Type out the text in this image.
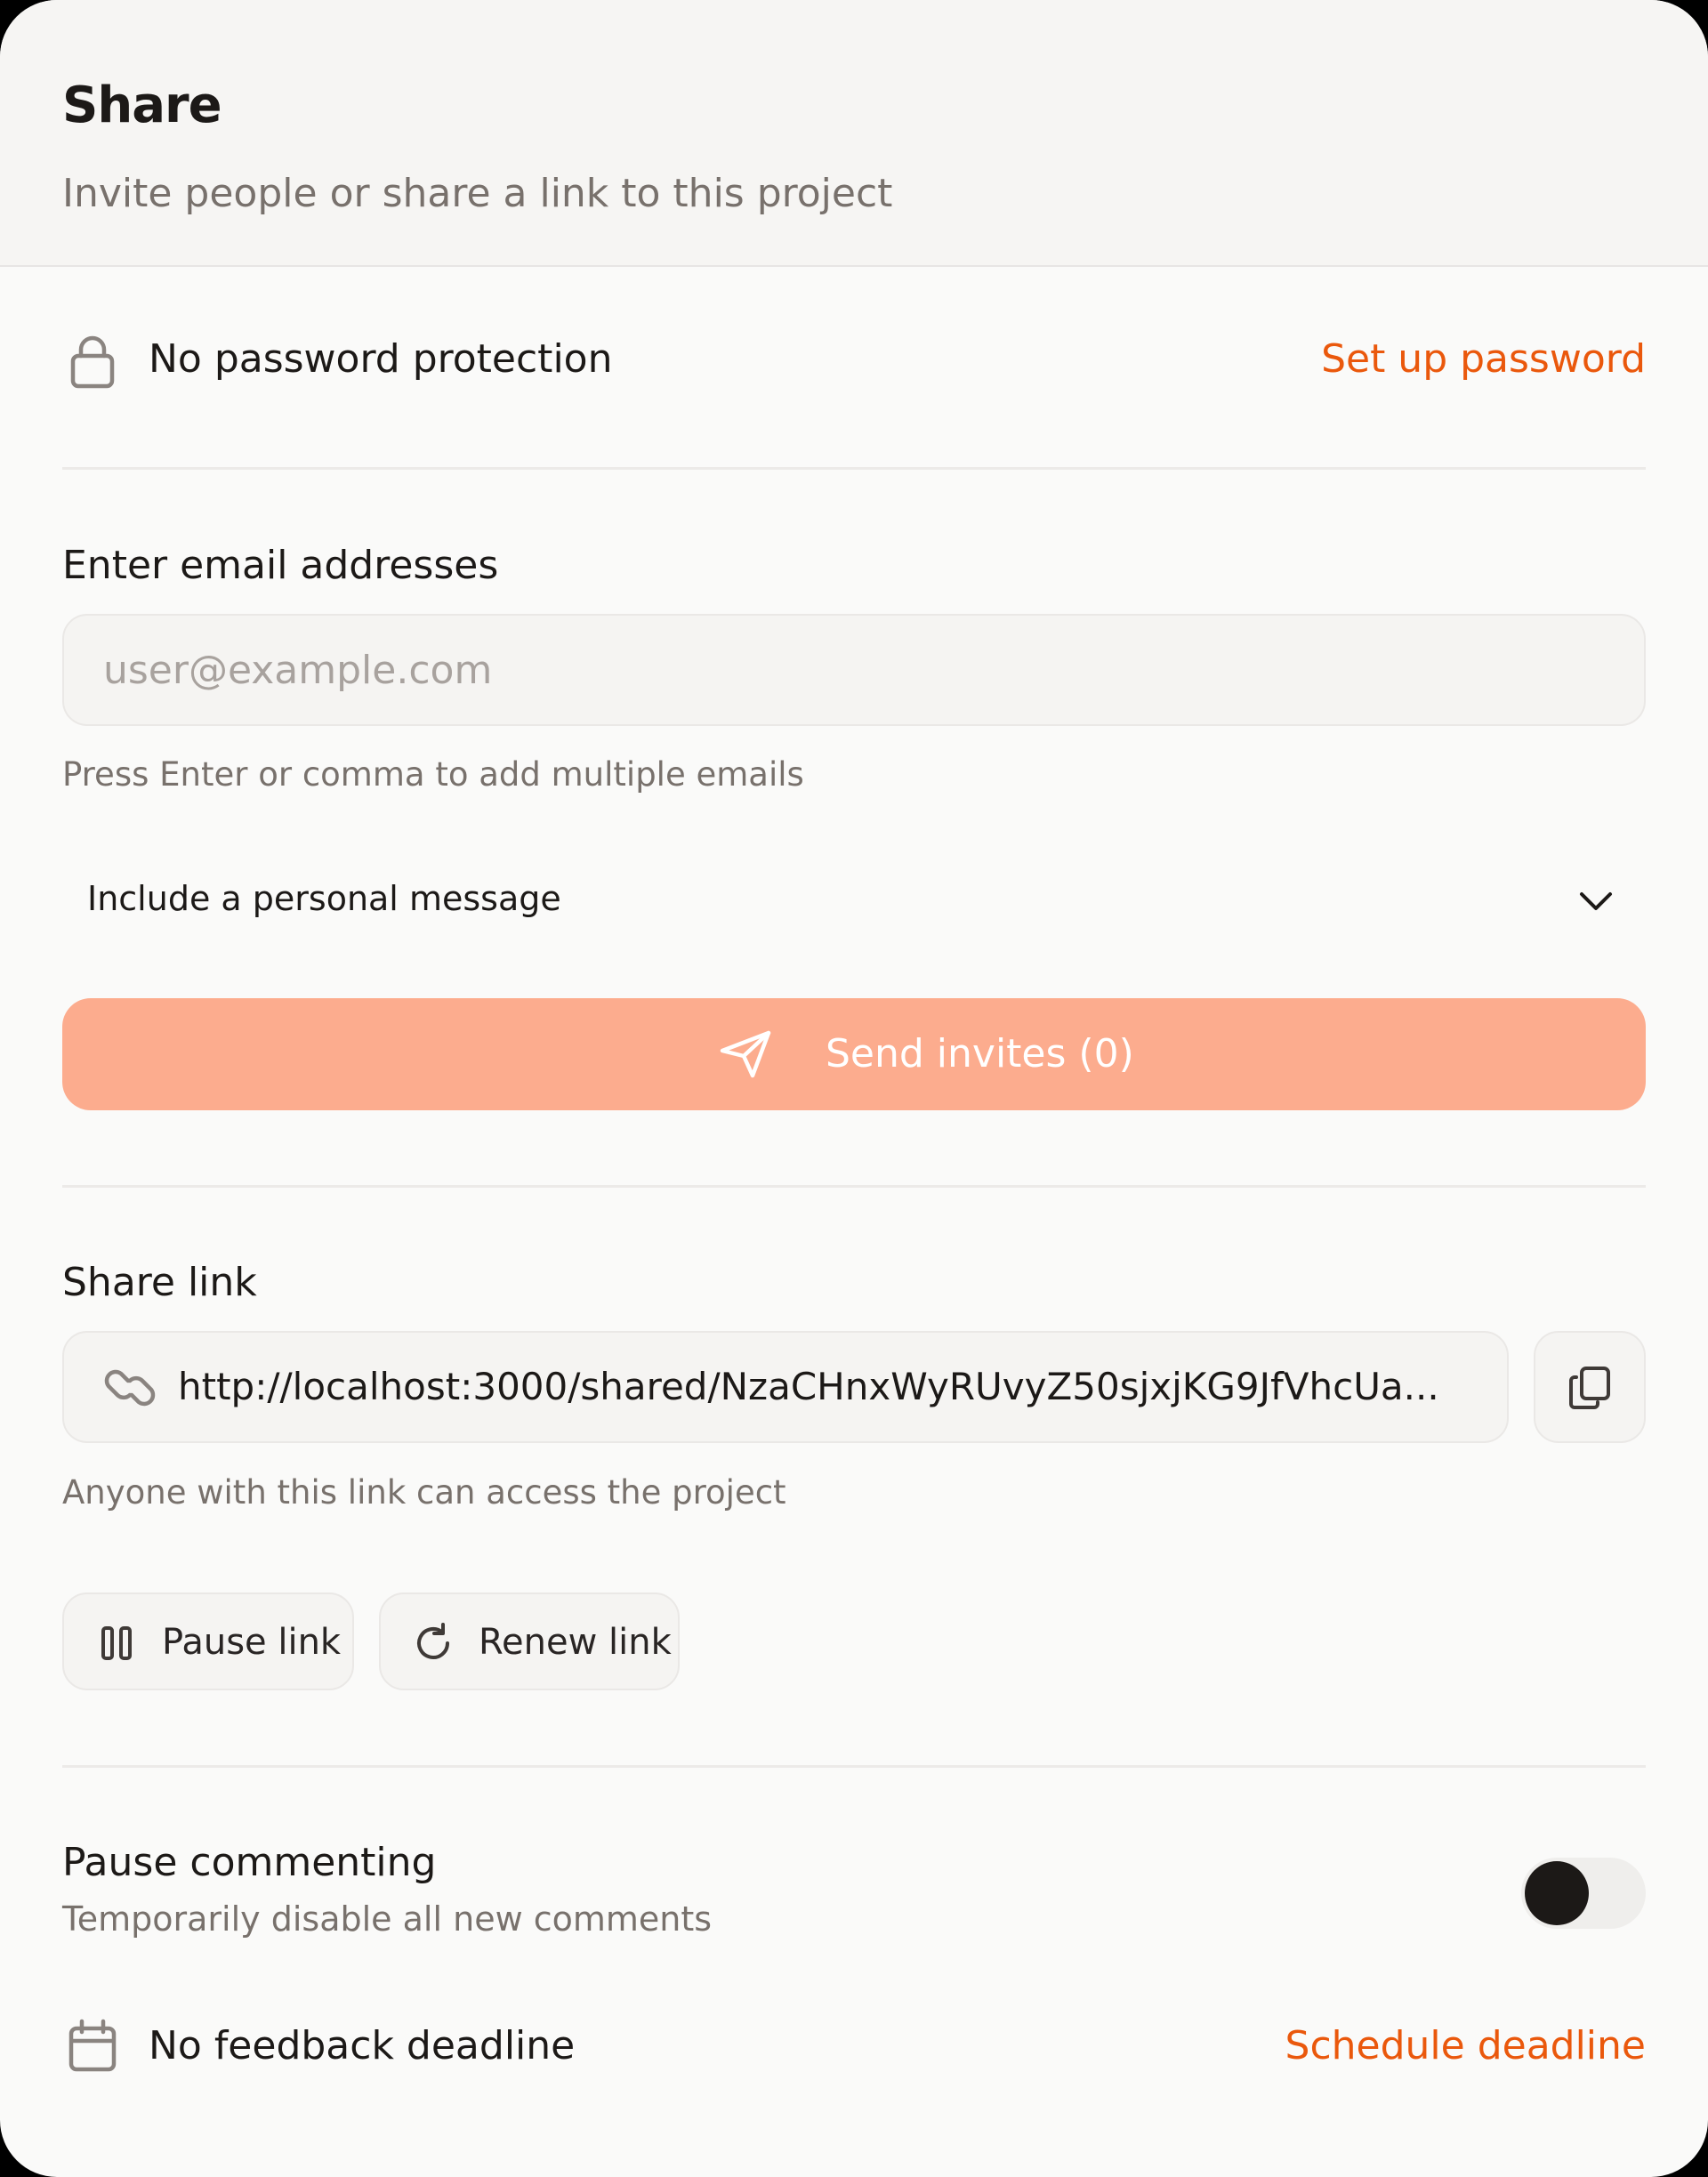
Share
Invite people or share a link to this project
No password protection	Set up password
Enter email addresses
user@example.com
Press Enter or comma to add multiple emails
Include a personal message
Send invites (0)
Share link
http://localhost:3000/shared/NzaCHnxWyRUvyZ50sjxjKG9JfVhcUa...
Anyone with this link can access the project
Pause link	Renew link
Pause commenting
Temporarily disable all new comments
No feedback deadline	Schedule deadline
